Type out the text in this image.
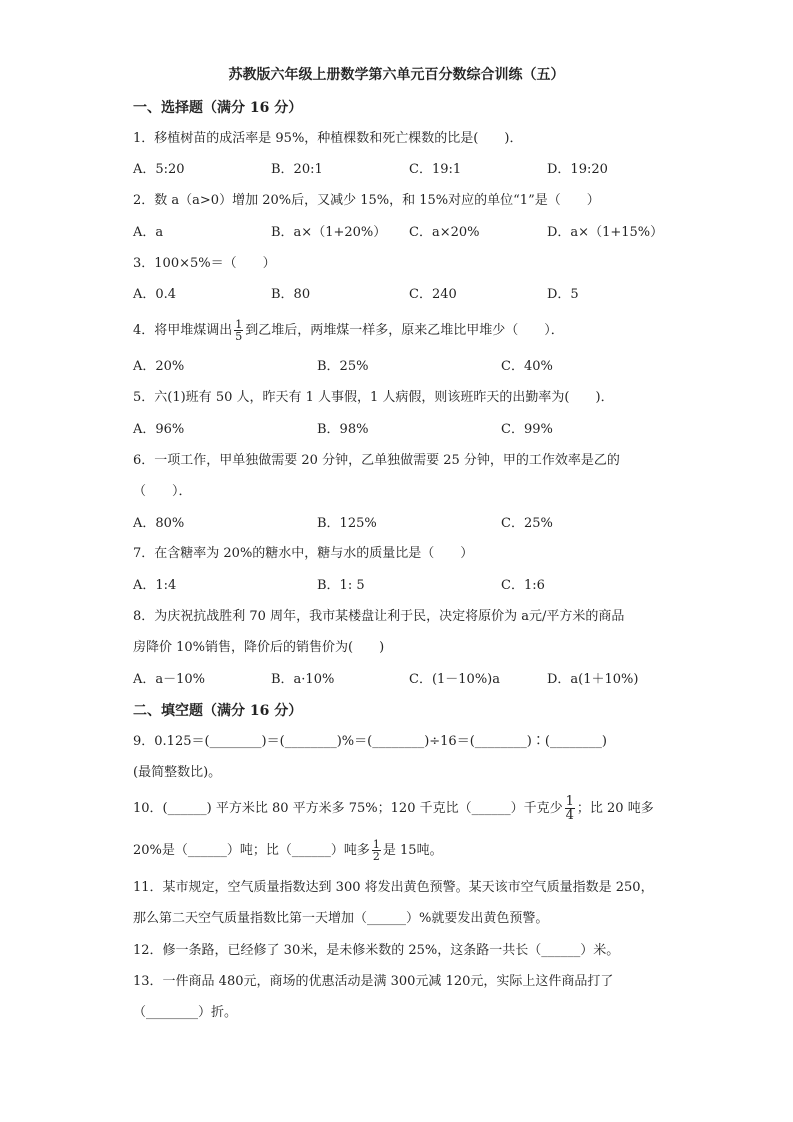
苏教版六年级上册数学第六单元百分数综合训练（五）
一、选择题（满分 16 分）
1．移植树苗的成活率是 95%，种植棵数和死亡棵数的比是(　　)．
A．5:20	B．20:1	C．19:1	D．19:20
2．数 a（a>0）增加 20%后，又减少 15%，和 15%对应的单位“1”是（　　）
A．a	B．a×（1+20%） C．a×20%	D．a×（1+15%）
3．100×5%＝（　　）
A．0.4	B．80	C．240	D．5
4．将甲堆煤调出 $\frac{1}{5}$ 到乙堆后，两堆煤一样多，原来乙堆比甲堆少（　　）．
A．20%	B．25%	C．40%
5．六(1)班有 50 人，昨天有 1 人事假，1 人病假，则该班昨天的出勤率为(　　)．
A．96%	B．98%	C．99%
6．一项工作，甲单独做需要 20 分钟，乙单独做需要 25 分钟，甲的工作效率是乙的
（　　）．
A．80%	B．125%	C．25%
7．在含糖率为 20%的糖水中，糖与水的质量比是（　　）
A．1:4	B．1: 5	C．1:6
8．为庆祝抗战胜利 70 周年，我市某楼盘让利于民，决定将原价为 a元/平方米的商品
房降价 10%销售，降价后的销售价为(　　)
A．a－10%	B．a·10%	C．(1－10%)a	D．a(1＋10%)
二、填空题（满分 16 分）
9．0.125＝(________)＝(________)%＝(________)÷16＝(________)∶(________)
(最简整数比)。
10．(______) 平方米比 80 平方米多 75%；120 千克比（______）千克少 $\frac{1}{4}$ ；比 20 吨多
20%是（______）吨；比（______）吨多 $\frac{1}{2}$ 是 15吨。
11．某市规定，空气质量指数达到 300 将发出黄色预警。某天该市空气质量指数是 250，
那么第二天空气质量指数比第一天增加（______）%就要发出黄色预警。
12．修一条路，已经修了 30米，是未修米数的 25%，这条路一共长（______）米。
13．一件商品 480元，商场的优惠活动是满 300元减 120元，实际上这件商品打了
（________）折。
